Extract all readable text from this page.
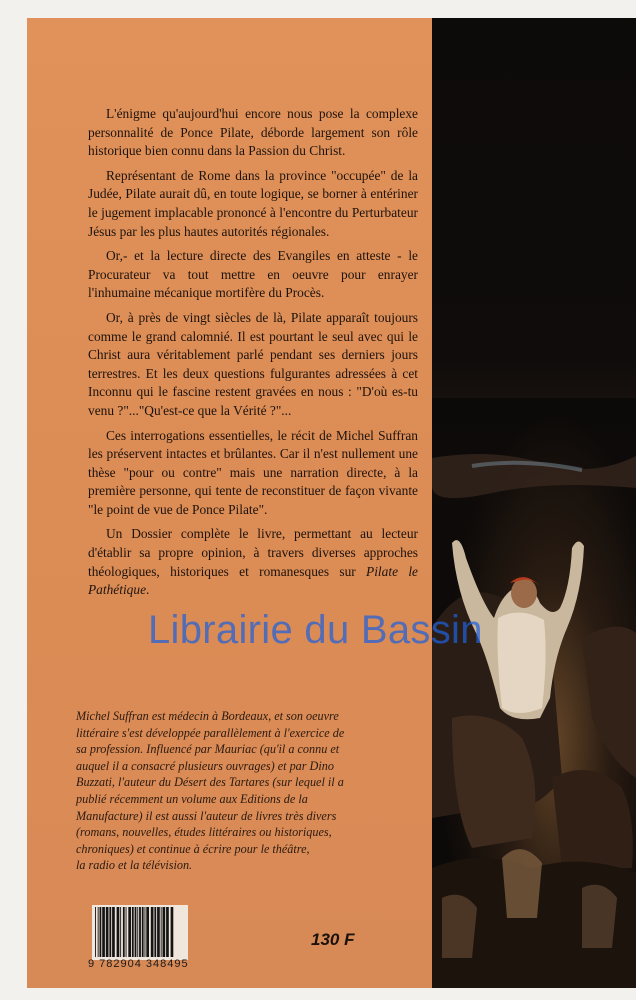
L'énigme qu'aujourd'hui encore nous pose la complexe personnalité de Ponce Pilate, déborde largement son rôle historique bien connu dans la Passion du Christ.

Représentant de Rome dans la province "occupée" de la Judée, Pilate aurait dû, en toute logique, se borner à entériner le jugement implacable prononcé à l'encontre du Perturbateur Jésus par les plus hautes autorités régionales.

Or,- et la lecture directe des Evangiles en atteste - le Procurateur va tout mettre en oeuvre pour enrayer l'inhumaine mécanique mortifère du Procès.

Or, à près de vingt siècles de là, Pilate apparaît toujours comme le grand calomnié. Il est pourtant le seul avec qui le Christ aura véritablement parlé pendant ses derniers jours terrestres. Et les deux questions fulgurantes adressées à cet Inconnu qui le fascine restent gravées en nous : "D'où es-tu venu ?"..."Qu'est-ce que la Vérité ?"...

Ces interrogations essentielles, le récit de Michel Suffran les préservent intactes et brûlantes. Car il n'est nullement une thèse "pour ou contre" mais une narration directe, à la première personne, qui tente de reconstituer de façon vivante "le point de vue de Ponce Pilate".

Un Dossier complète le livre, permettant au lecteur d'établir sa propre opinion, à travers diverses approches théologiques, historiques et romanesques sur Pilate le Pathétique.

Michel Suffran est médecin à Bordeaux, et son oeuvre
littéraire s'est développée parallèlement à l'exercice de
sa profession. Influencé par Mauriac (qu'il a connu et
auquel il a consacré plusieurs ouvrages) et par Dino
Buzzati, l'auteur du Désert des Tartares (sur lequel il a
publié récemment un volume aux Editions de la
Manufacture) il est aussi l'auteur de livres très divers
(romans, nouvelles, études littéraires ou historiques,
chroniques) et continue à écrire pour le théâtre,
la radio et la télévision.
9 782904 348495
130 F
Librairie du Bassin
